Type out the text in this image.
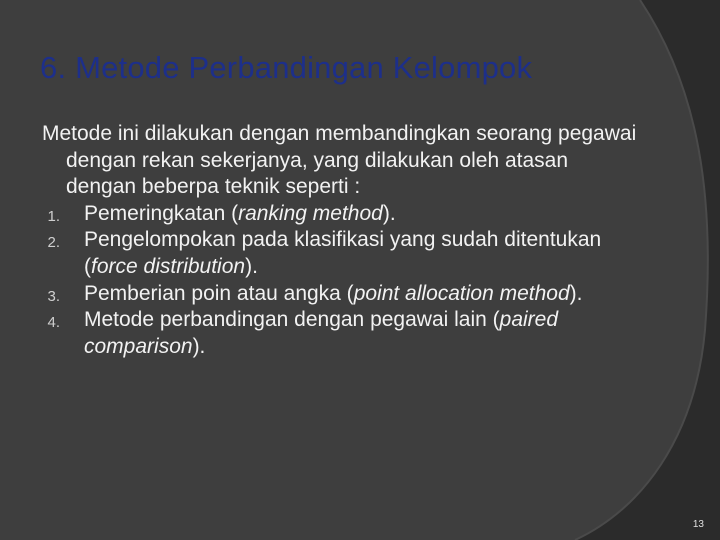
6. Metode Perbandingan Kelompok

Metode ini dilakukan dengan membandingkan seorang pegawai dengan rekan sekerjanya, yang dilakukan oleh atasan dengan beberpa teknik seperti :

1. Pemeringkatan (ranking method).
2. Pengelompokan pada klasifikasi yang sudah ditentukan (force distribution).
3. Pemberian poin atau angka (point allocation method).
4. Metode perbandingan dengan pegawai lain (paired comparison).
13
